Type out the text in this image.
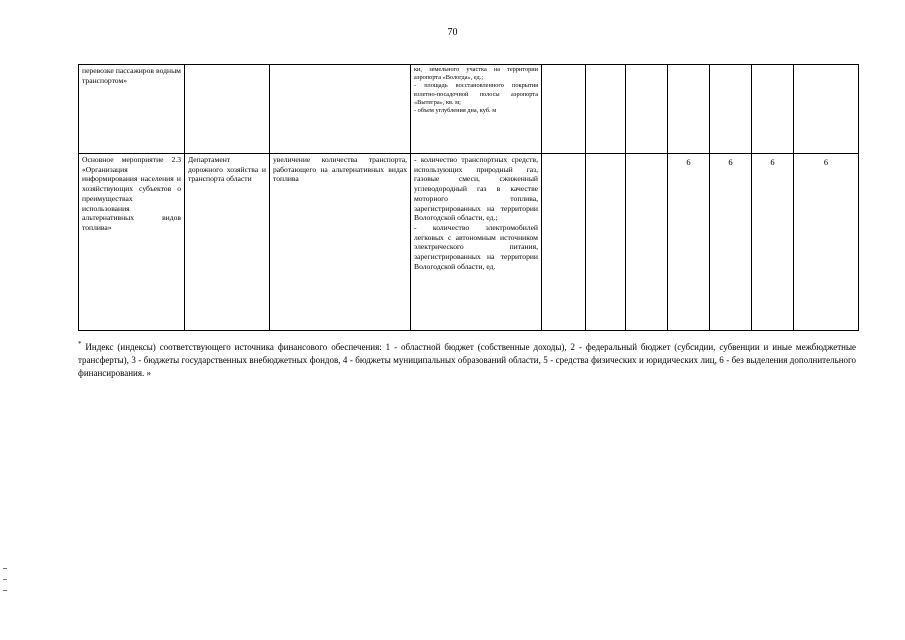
70
перевозке пассажиров водным транспортом»			ки, земельного участка на территории аэропорта «Вологда», ед.;
- площадь восстановленного покрытия взлетно-посадочной полосы аэропорта «Вытегра», кв. м;
- объем углубления дна, куб. м							

Основное мероприятие 2.3 «Организация информирования населения и хозяйствующих субъектов о преимуществах использования альтернативных видов топлива»	Департамент дорожного хозяйства и транспорта области	увеличение количества транспорта, работающего на альтернативных видах топлива	- количество транспортных средств, использующих природный газ, газовые смеси, сжиженный углеводородный газ в качестве моторного топлива, зарегистрированных на территории Вологодской области, ед.;
- количество электромобилей легковых с автономным источником электрического питания, зарегистрированных на территории Вологодской области, ед.				6	6	6	6
* Индекс (индексы) соответствующего источника финансового обеспечения: 1 - областной бюджет (собственные доходы), 2 - федеральный бюджет (субсидии, субвенции и иные межбюджетные трансферты), 3 - бюджеты государственных внебюджетных фондов, 4 - бюджеты муниципальных образований области, 5 - средства физических и юридических лиц, 6 - без выделения дополнительного финансирования. »
